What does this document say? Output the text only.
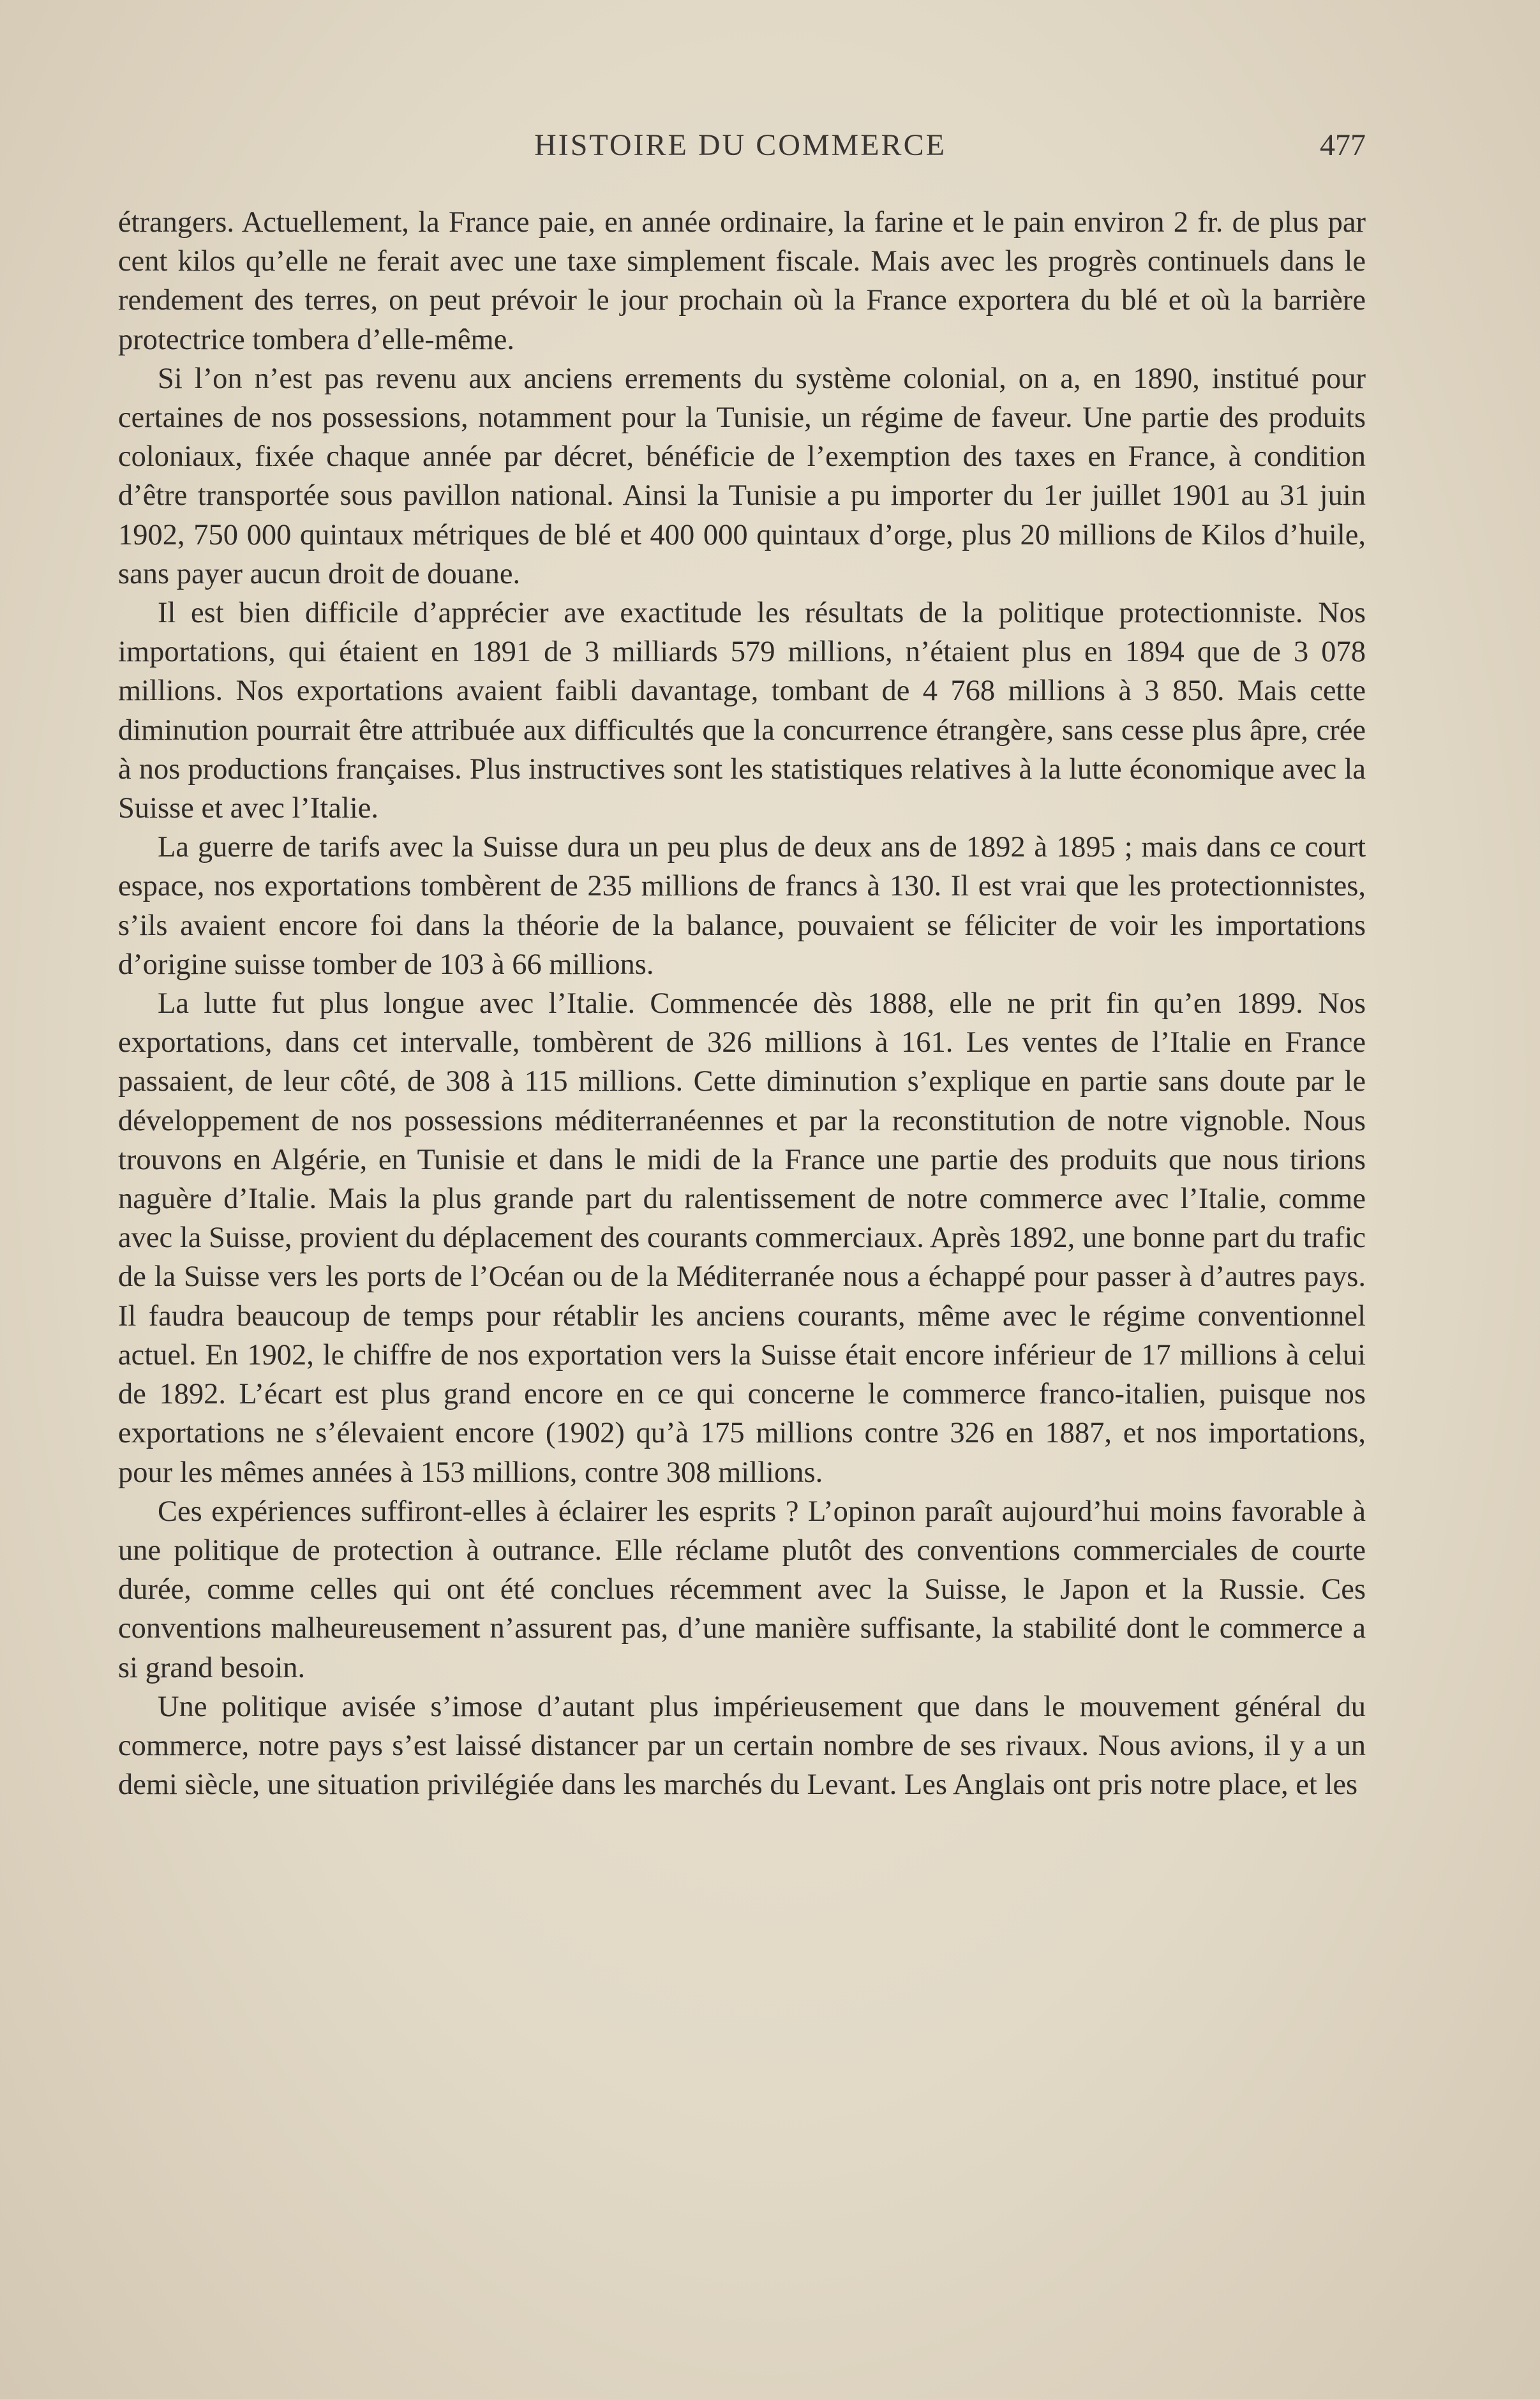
HISTOIRE DU COMMERCE	477

étrangers. Actuellement, la France paie, en année ordinaire, la farine et le pain environ 2 fr. de plus par cent kilos qu’elle ne ferait avec une taxe simplement fiscale. Mais avec les progrès continuels dans le rendement des terres, on peut prévoir le jour prochain où la France exportera du blé et où la barrière protectrice tombera d’elle-même.

Si l’on n’est pas revenu aux anciens errements du système colonial, on a, en 1890, institué pour certaines de nos possessions, notamment pour la Tunisie, un régime de faveur. Une partie des produits coloniaux, fixée chaque année par décret, bénéficie de l’exemption des taxes en France, à condition d’être transportée sous pavillon national. Ainsi la Tunisie a pu importer du 1er juillet 1901 au 31 juin 1902, 750 000 quintaux métriques de blé et 400 000 quintaux d’orge, plus 20 millions de Kilos d’huile, sans payer aucun droit de douane.

Il est bien difficile d’apprécier ave exactitude les résultats de la politique protectionniste. Nos importations, qui étaient en 1891 de 3 milliards 579 millions, n’étaient plus en 1894 que de 3 078 millions. Nos exportations avaient faibli davantage, tombant de 4 768 millions à 3 850. Mais cette diminution pourrait être attribuée aux difficultés que la concurrence étrangère, sans cesse plus âpre, crée à nos productions françaises. Plus instructives sont les statistiques relatives à la lutte économique avec la Suisse et avec l’Italie.

La guerre de tarifs avec la Suisse dura un peu plus de deux ans de 1892 à 1895 ; mais dans ce court espace, nos exportations tombèrent de 235 millions de francs à 130. Il est vrai que les protectionnistes, s’ils avaient encore foi dans la théorie de la balance, pouvaient se féliciter de voir les importations d’origine suisse tomber de 103 à 66 millions.

La lutte fut plus longue avec l’Italie. Commencée dès 1888, elle ne prit fin qu’en 1899. Nos exportations, dans cet intervalle, tombèrent de 326 millions à 161. Les ventes de l’Italie en France passaient, de leur côté, de 308 à 115 millions. Cette diminution s’explique en partie sans doute par le développement de nos possessions méditerranéennes et par la reconstitution de notre vignoble. Nous trouvons en Algérie, en Tunisie et dans le midi de la France une partie des produits que nous tirions naguère d’Italie. Mais la plus grande part du ralentissement de notre commerce avec l’Italie, comme avec la Suisse, provient du déplacement des courants commerciaux. Après 1892, une bonne part du trafic de la Suisse vers les ports de l’Océan ou de la Méditerranée nous a échappé pour passer à d’autres pays. Il faudra beaucoup de temps pour rétablir les anciens courants, même avec le régime conventionnel actuel. En 1902, le chiffre de nos exportation vers la Suisse était encore inférieur de 17 millions à celui de 1892. L’écart est plus grand encore en ce qui concerne le commerce franco-italien, puisque nos exportations ne s’élevaient encore (1902) qu’à 175 millions contre 326 en 1887, et nos importations, pour les mêmes années à 153 millions, contre 308 millions.

Ces expériences suffiront-elles à éclairer les esprits ? L’opinon paraît aujourd’hui moins favorable à une politique de protection à outrance. Elle réclame plutôt des conventions commerciales de courte durée, comme celles qui ont été conclues récemment avec la Suisse, le Japon et la Russie. Ces conventions malheureusement n’assurent pas, d’une manière suffisante, la stabilité dont le commerce a si grand besoin.

Une politique avisée s’imose d’autant plus impérieusement que dans le mouvement général du commerce, notre pays s’est laissé distancer par un certain nombre de ses rivaux. Nous avions, il y a un demi siècle, une situation privilégiée dans les marchés du Levant. Les Anglais ont pris notre place, et les
